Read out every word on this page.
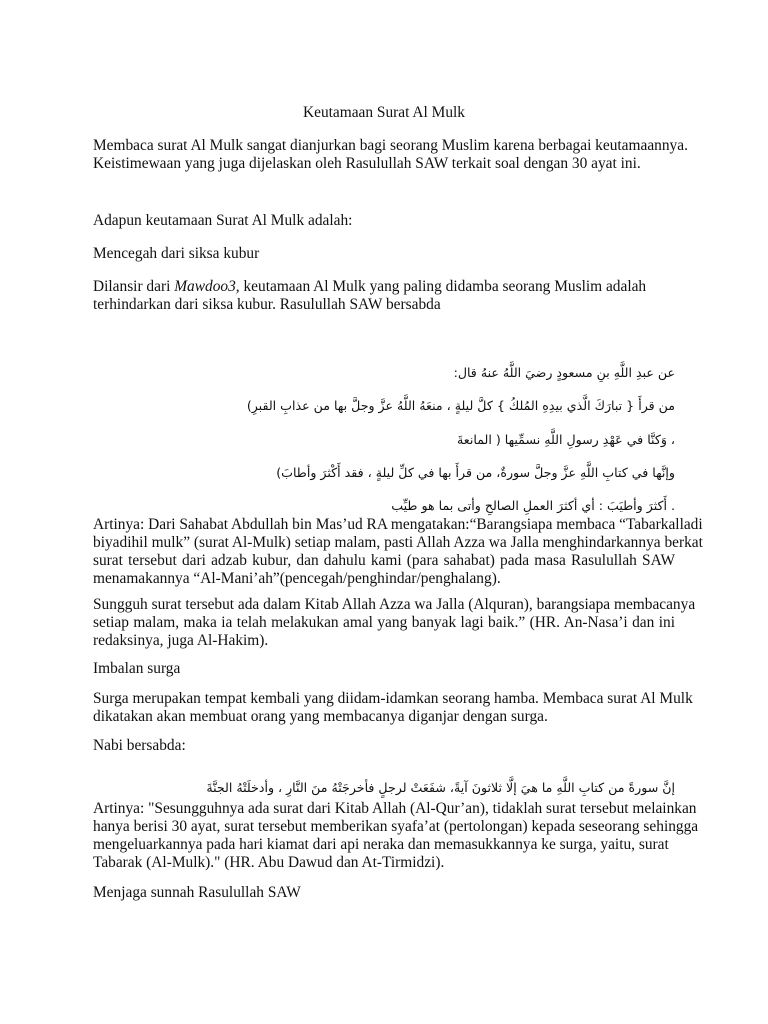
Keutamaan Surat Al Mulk

Membaca surat Al Mulk sangat dianjurkan bagi seorang Muslim karena berbagai keutamaannya.

Keistimewaan yang juga dijelaskan oleh Rasulullah SAW terkait soal dengan 30 ayat ini.

Adapun keutamaan Surat Al Mulk adalah:

Mencegah dari siksa kubur

Dilansir dari Mawdoo3, keutamaan Al Mulk yang paling didamba seorang Muslim adalah

terhindarkan dari siksa kubur. Rasulullah SAW bersabda

عن عبدِ اللَّهِ بنِ مسعودٍ رضيَ اللَّهُ عنهُ قال:

من قرأَ { تبارَكَ الَّذي بيدِهِ المُلكُ } كلَّ ليلةٍ ، منعَهُ اللَّهُ عزَّ وجلَّ بها من عذابِ القبرِ)

، وَكنَّا في عَهْدِ رسولِ اللَّهِ نسمِّيها ( المانعةَ

وإنَّها في كتابِ اللَّهِ عزَّ وجلَّ سورةٌ، من قرأَ بها في كلِّ ليلةٍ ، فقد أَكْثرَ وأطابَ)

. أَكثرَ وأطيَبَ : أي أكثرَ العملِ الصالحِ وأتى بما هو طيِّب

Artinya: Dari Sahabat Abdullah bin Mas’ud RA mengatakan:“Barangsiapa membaca “Tabarkalladi

biyadihil mulk” (surat Al-Mulk) setiap malam, pasti Allah Azza wa Jalla menghindarkannya berkat

surat tersebut dari adzab kubur, dan dahulu kami (para sahabat) pada masa Rasulullah SAW

menamakannya “Al-Mani’ah”(pencegah/penghindar/penghalang).

Sungguh surat tersebut ada dalam Kitab Allah Azza wa Jalla (Alquran), barangsiapa membacanya

setiap malam, maka ia telah melakukan amal yang banyak lagi baik.” (HR. An-Nasa’i dan ini

redaksinya, juga Al-Hakim).

Imbalan surga

Surga merupakan tempat kembali yang diidam-idamkan seorang hamba. Membaca surat Al Mulk

dikatakan akan membuat orang yang membacanya diganjar dengan surga.

Nabi bersabda:

إنَّ سورةً من كتابِ اللَّهِ ما هيَ إلَّا ثلاثونَ آيةً، شفَعَتْ لرجلٍ فأخرجَتْهُ منَ النَّارِ ، وأدخلَتْهُ الجنَّةَ

Artinya: "Sesungguhnya ada surat dari Kitab Allah (Al-Qur’an), tidaklah surat tersebut melainkan

hanya berisi 30 ayat, surat tersebut memberikan syafa’at (pertolongan) kepada seseorang sehingga

mengeluarkannya pada hari kiamat dari api neraka dan memasukkannya ke surga, yaitu, surat

Tabarak (Al-Mulk)." (HR. Abu Dawud dan At-Tirmidzi).

Menjaga sunnah Rasulullah SAW
